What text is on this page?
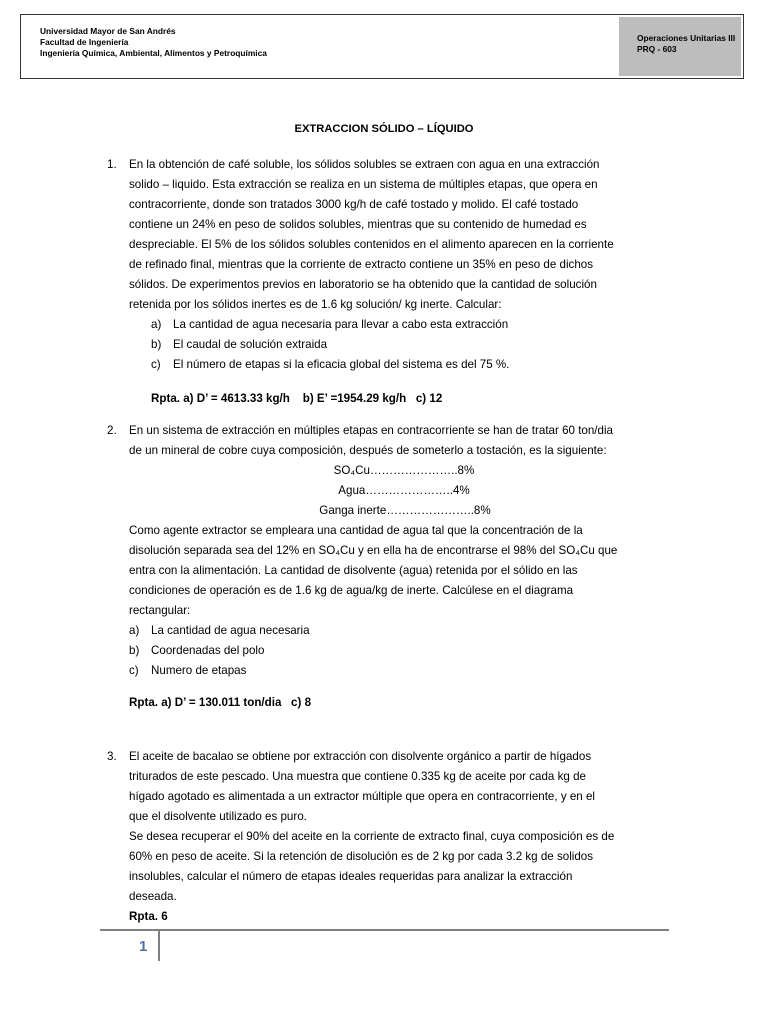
Universidad Mayor de San Andrés
Facultad de Ingeniería
Ingeniería Química, Ambiental, Alimentos y Petroquímica
Operaciones Unitarias III
PRQ - 603
EXTRACCION SÓLIDO – LÍQUIDO
1. En la obtención de café soluble, los sólidos solubles se extraen con agua en una extracción
solido – liquido. Esta extracción se realiza en un sistema de múltiples etapas, que opera en
contracorriente, donde son tratados 3000 kg/h de café tostado y molido. El café tostado
contiene un 24% en peso de solidos solubles, mientras que su contenido de humedad es
despreciable. El 5% de los sólidos solubles contenidos en el alimento aparecen en la corriente
de refinado final, mientras que la corriente de extracto contiene un 35% en peso de dichos
sólidos. De experimentos previos en laboratorio se ha obtenido que la cantidad de solución
retenida por los sólidos inertes es de 1.6 kg solución/ kg inerte. Calcular:
a) La cantidad de agua necesaria para llevar a cabo esta extracción
b) El caudal de solución extraida
c) El número de etapas si la eficacia global del sistema es del 75 %.
Rpta. a) D’ = 4613.33 kg/h    b) E’ =1954.29 kg/h   c) 12
2. En un sistema de extracción en múltiples etapas en contracorriente se han de tratar 60 ton/dia
de un mineral de cobre cuya composición, después de someterlo a tostación, es la siguiente:
SO₄Cu…………………..8%
Agua…………………..4%
Ganga inerte…………………..8%
Como agente extractor se empleara una cantidad de agua tal que la concentración de la
disolución separada sea del 12% en SO₄Cu y en ella ha de encontrarse el 98% del SO₄Cu que
entra con la alimentación. La cantidad de disolvente (agua) retenida por el sólido en las
condiciones de operación es de 1.6 kg de agua/kg de inerte. Calcúlese en el diagrama
rectangular:
a) La cantidad de agua necesaria
b) Coordenadas del polo
c) Numero de etapas
Rpta. a) D’ = 130.011 ton/dia   c) 8
3. El aceite de bacalao se obtiene por extracción con disolvente orgánico a partir de hígados
triturados de este pescado. Una muestra que contiene 0.335 kg de aceite por cada kg de
hígado agotado es alimentada a un extractor múltiple que opera en contracorriente, y en el
que el disolvente utilizado es puro.
Se desea recuperar el 90% del aceite en la corriente de extracto final, cuya composición es de
60% en peso de aceite. Si la retención de disolución es de 2 kg por cada 3.2 kg de solidos
insolubles, calcular el número de etapas ideales requeridas para analizar la extracción
deseada.
Rpta. 6
1
